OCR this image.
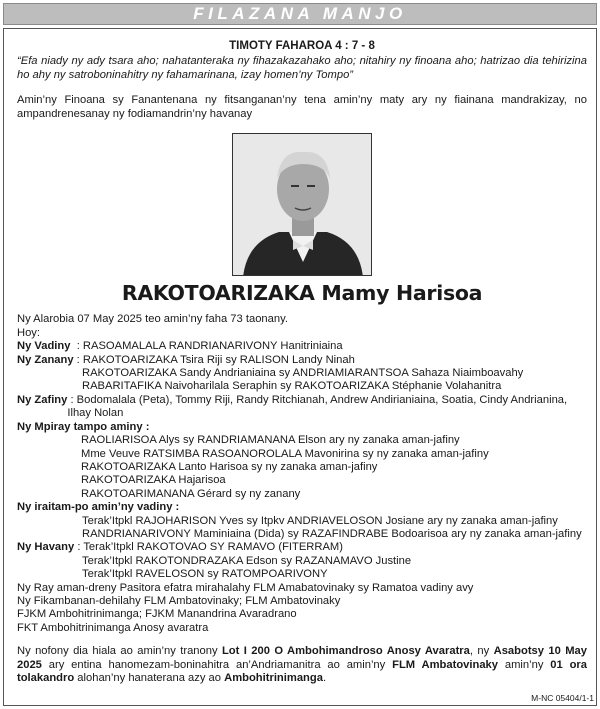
FILAZANA MANJO
TIMOTY FAHAROA 4 : 7 - 8
“Efa niady ny ady tsara aho; nahatanteraka ny fihazakazahako aho; nitahiry ny finoana aho; hatrizao dia tehirizina ho ahy ny satroboninahitry ny fahamarinana, izay homen’ny Tompo”
Amin’ny Finoana sy Fanantenana ny fitsanganan’ny tena amin’ny maty ary ny fiainana mandrakizay, no ampandrenesanay ny fodiamandrin’ny havanay
RAKOTOARIZAKA Mamy Harisoa
Ny Alarobia 07 May 2025 teo amin’ny faha 73 taonany.
Hoy:
Ny Vadiny : RASOAMALALA RANDRIANARIVONY Hanitriniaina
Ny Zanany : RAKOTOARIZAKA Tsira Riji sy RALISON Landy Ninah
RAKOTOARIZAKA Sandy Andrianiaina sy ANDRIAMIARANTSOA Sahaza Niaimboavahy
RABARITAFIKA Naivoharilala Seraphin sy RAKOTOARIZAKA Stéphanie Volahanitra
Ny Zafiny : Bodomalala (Peta), Tommy Riji, Randy Ritchianah, Andrew Andirianiaina, Soatia, Cindy Andrianina, Ilhay Nolan
Ny Mpiray tampo aminy :
RAOLIARISOA Alys sy RANDRIAMANANA Elson ary ny zanaka aman-jafiny
Mme Veuve RATSIMBA RASOANOROLALA Mavonirina sy ny zanaka aman-jafiny
RAKOTOARIZAKA Lanto Harisoa sy ny zanaka aman-jafiny
RAKOTOARIZAKA Hajarisoa
RAKOTOARIMANANA Gérard sy ny zanany
Ny iraitam-po amin’ny vadiny :
Terak’Itpkl RAJOHARISON Yves sy Itpkv ANDRIAVELOSON Josiane ary ny zanaka aman-jafiny
RANDRIANARIVONY Maminiaina (Dida) sy RAZAFINDRABE Bodoarisoa ary ny zanaka aman-jafiny
Ny Havany : Terak’Itpkl RAKOTOVAO SY RAMAVO (FITERRAM)
Terak’Itpkl RAKOTONDRAZAKA Edson sy RAZANAMAVO Justine
Terak’Itpkl RAVELOSON sy RATOMPOARIVONY
Ny Ray aman-dreny Pasitora efatra mirahalahy FLM Amabatovinaky sy Ramatoa vadiny avy
Ny Fikambanan-dehilahy FLM Ambatovinaky; FLM Ambatovinaky
FJKM Ambohitrinimanga; FJKM Manandrina Avaradrano
FKT Ambohitrinimanga Anosy avaratra
Ny nofony dia hiala ao amin’ny tranony Lot I 200 O Ambohimandroso Anosy Avaratra, ny Asabotsy 10 May 2025 ary entina hanomezam-boninahitra an’Andriamanitra ao amin’ny FLM Ambatovinaky amin’ny 01 ora tolakandro alohan’ny hanaterana azy ao Ambohitrinimanga.
M-NC 05404/1-1
